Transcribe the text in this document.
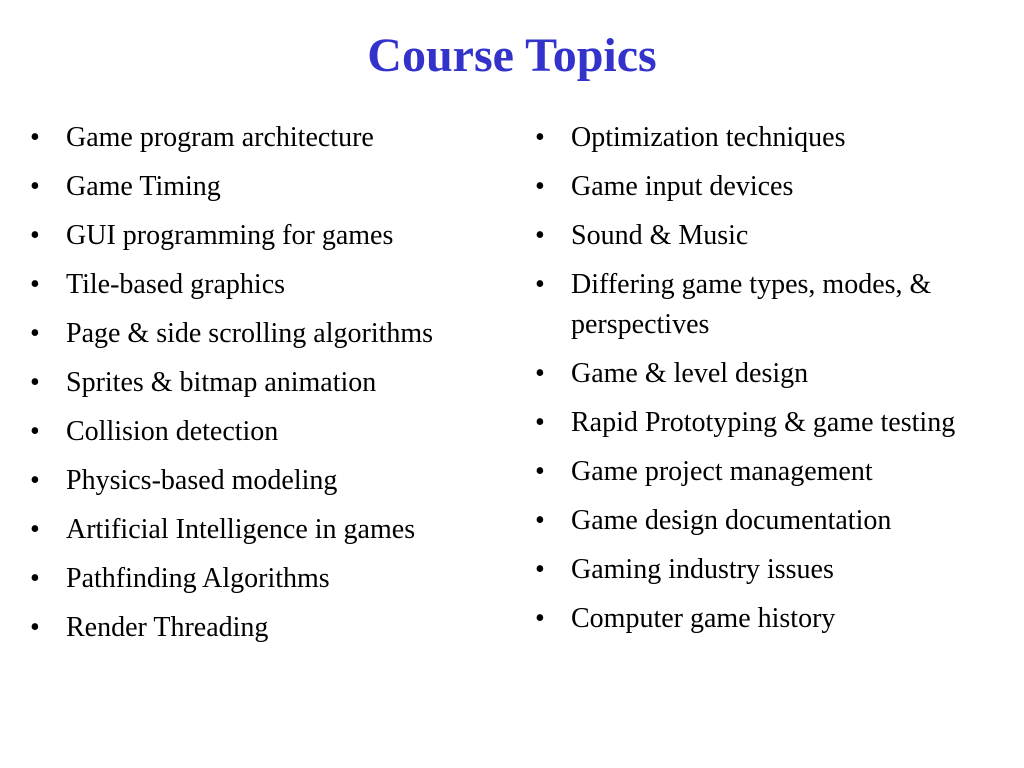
Course Topics
• Game program architecture
• Game Timing
• GUI programming for games
• Tile-based graphics
• Page & side scrolling algorithms
• Sprites & bitmap animation
• Collision detection
• Physics-based modeling
• Artificial Intelligence in games
• Pathfinding Algorithms
• Render Threading
• Optimization techniques
• Game input devices
• Sound & Music
• Differing game types, modes, & perspectives
• Game & level design
• Rapid Prototyping & game testing
• Game project management
• Game design documentation
• Gaming industry issues
• Computer game history
